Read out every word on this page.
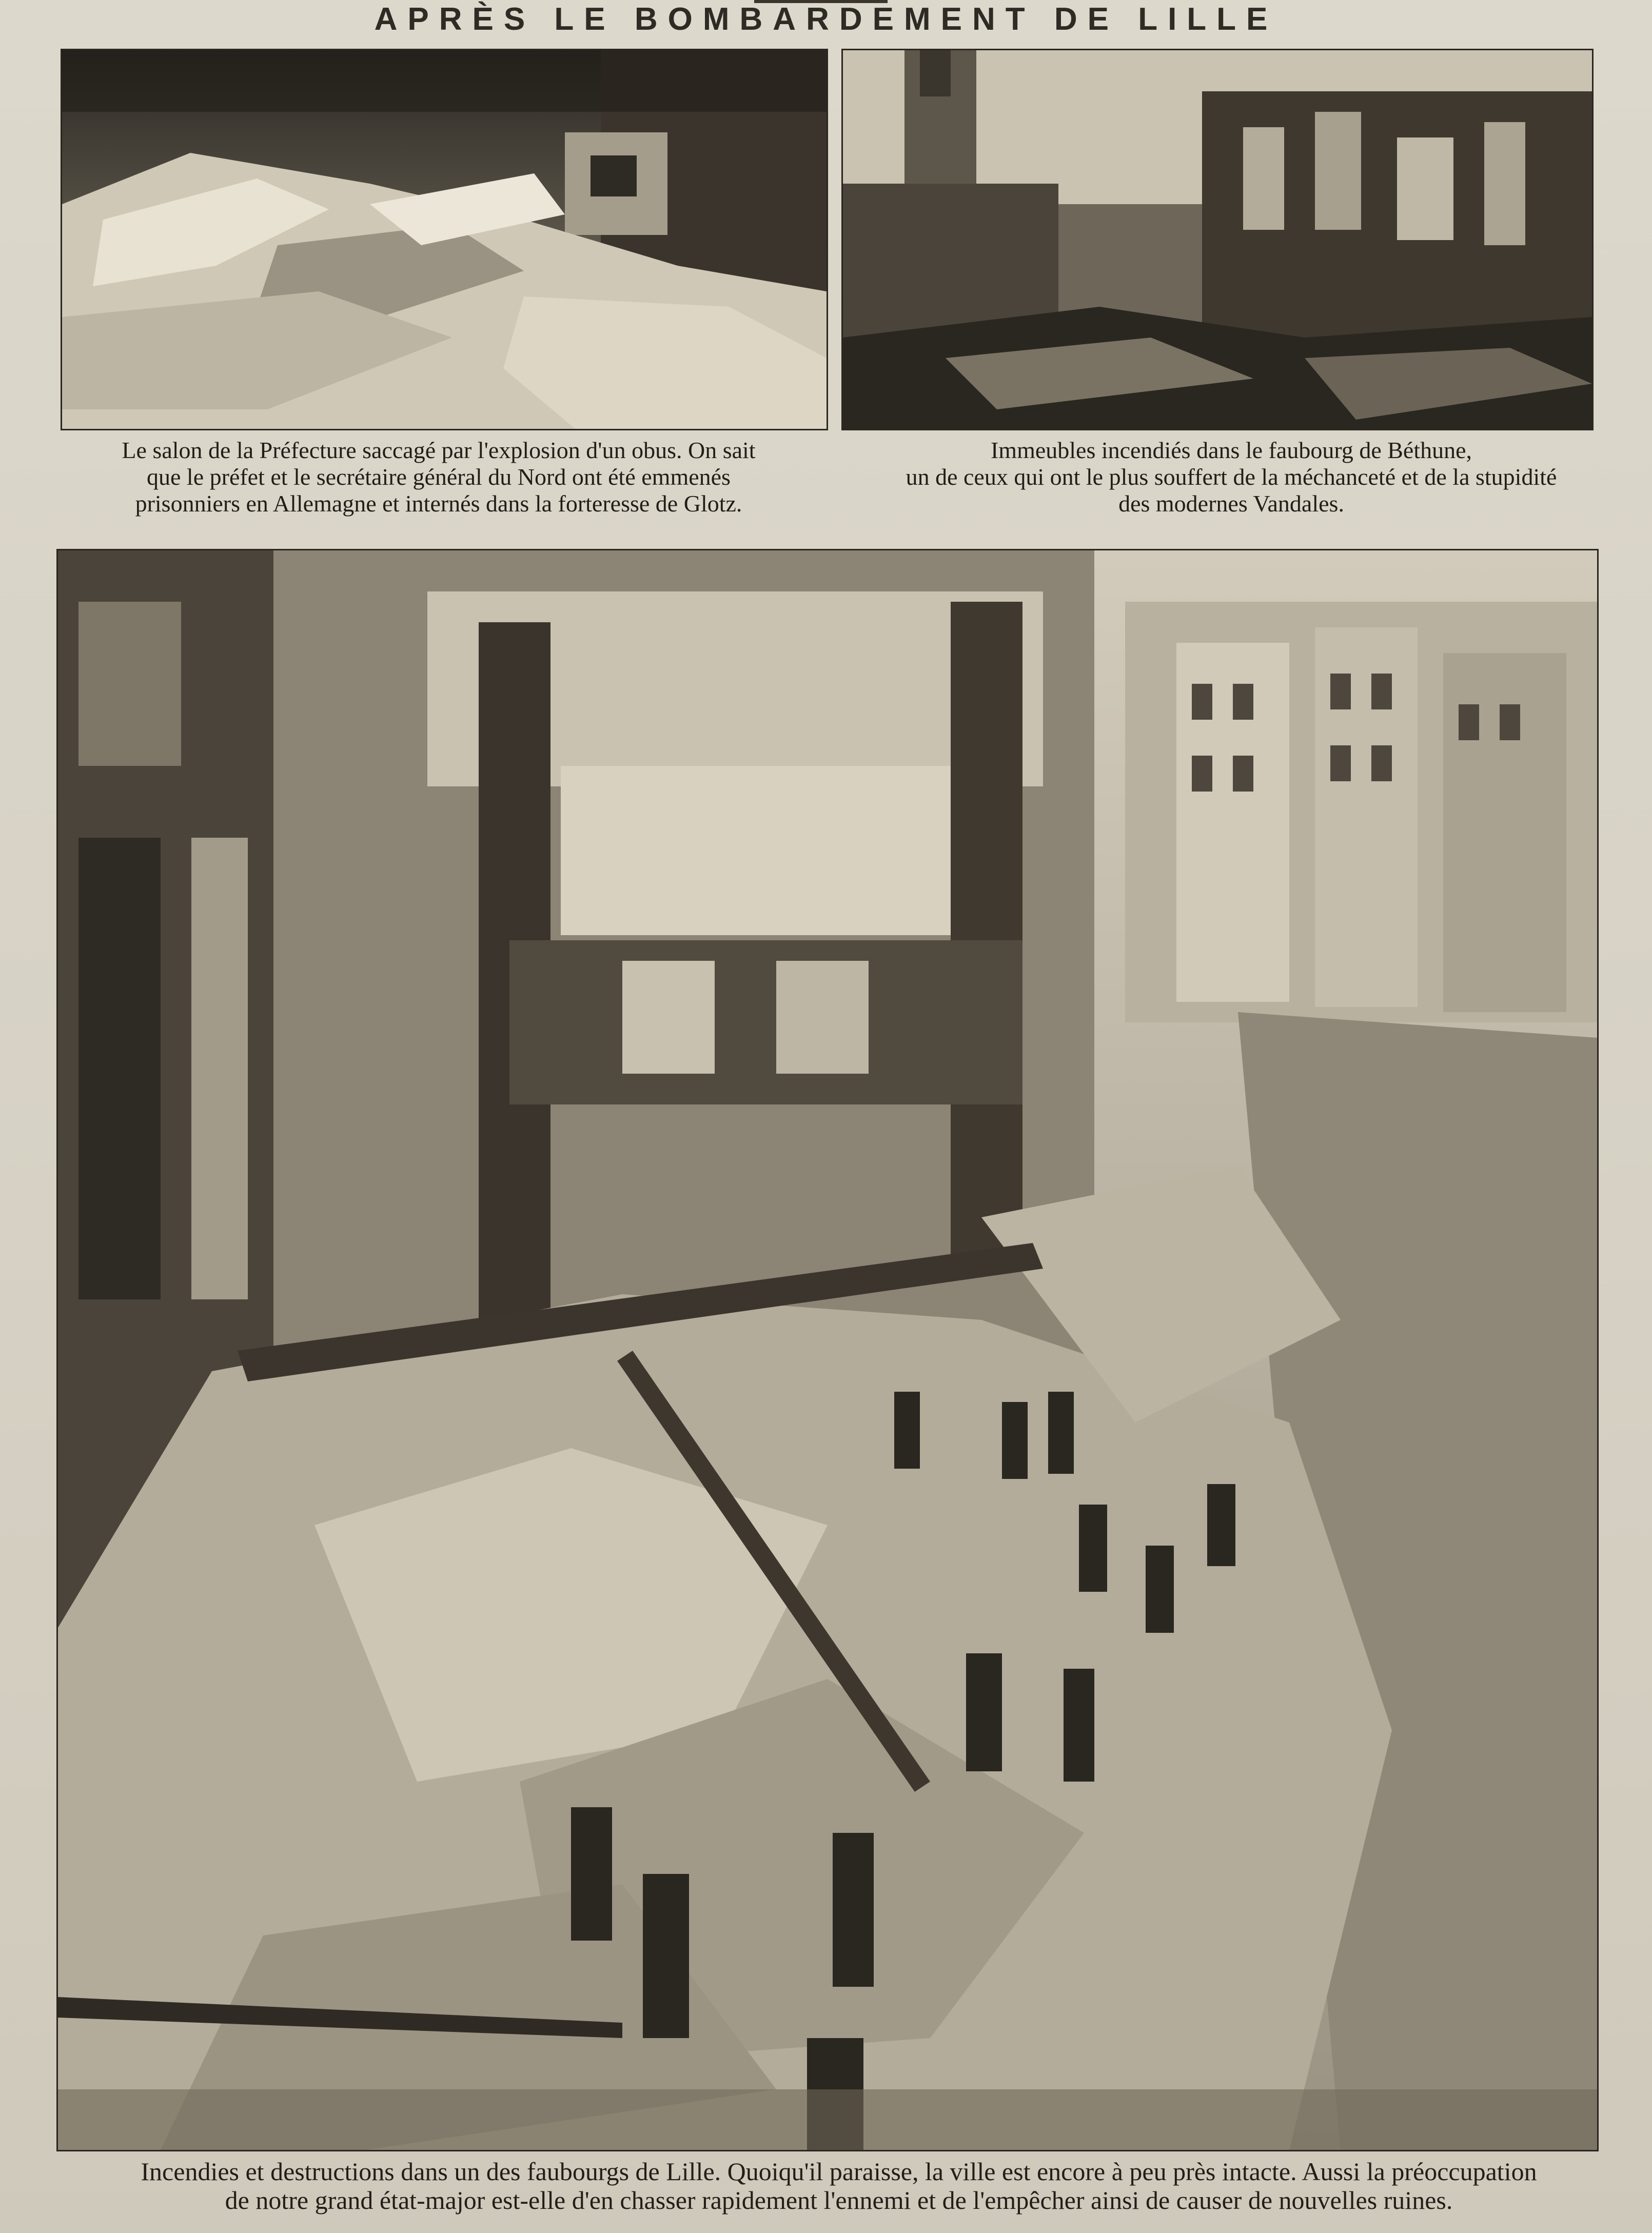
APRÈS LE BOMBARDEMENT DE LILLE
Le salon de la Préfecture saccagé par l'explosion d'un obus. On sait
que le préfet et le secrétaire général du Nord ont été emmenés
prisonniers en Allemagne et internés dans la forteresse de Glotz.
Immeubles incendiés dans le faubourg de Béthune,
un de ceux qui ont le plus souffert de la méchanceté et de la stupidité
des modernes Vandales.
Incendies et destructions dans un des faubourgs de Lille. Quoiqu'il paraisse, la ville est encore à peu près intacte. Aussi la préoccupation
de notre grand état-major est-elle d'en chasser rapidement l'ennemi et de l'empêcher ainsi de causer de nouvelles ruines.
